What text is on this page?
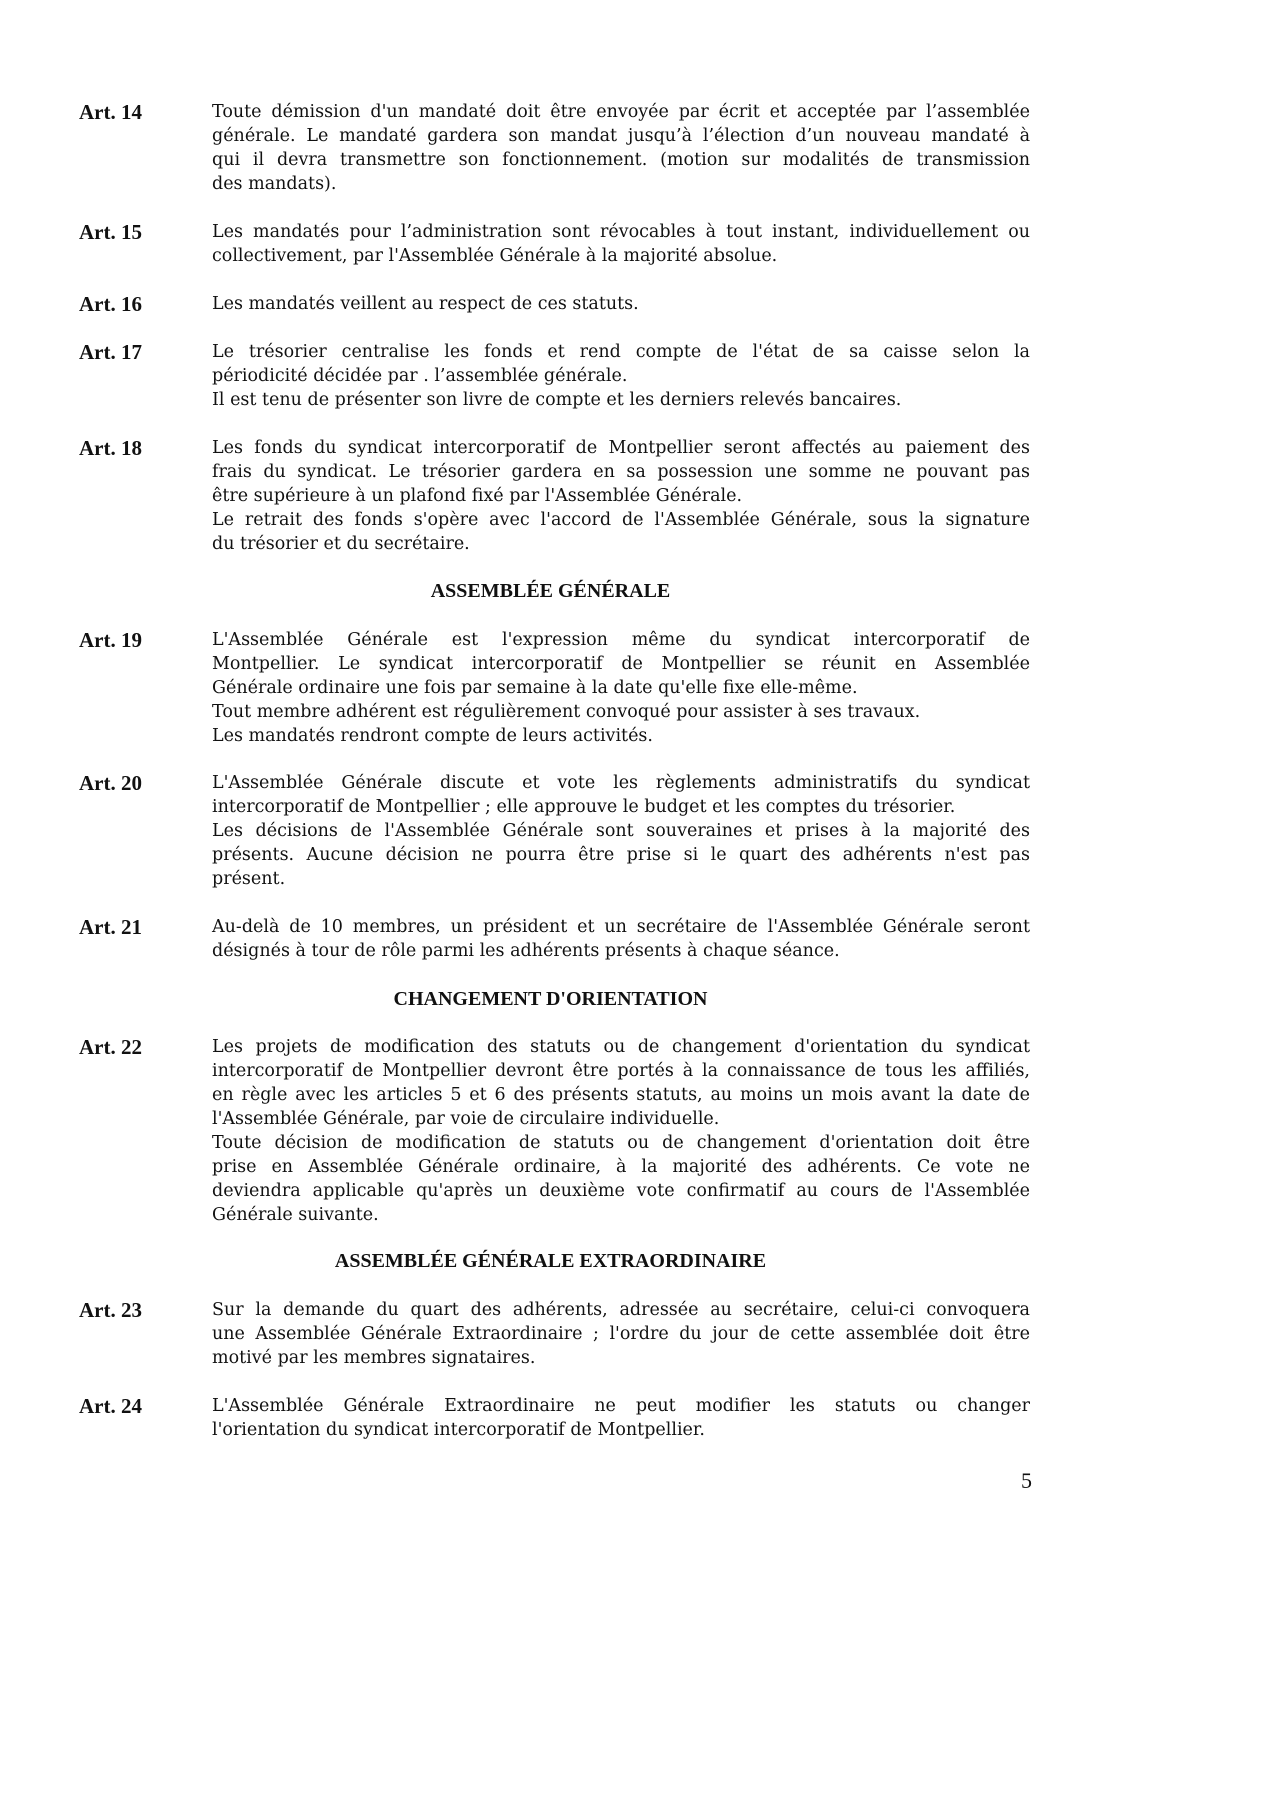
Art. 14	Toute démission d'un mandaté doit être envoyée par écrit et acceptée par l’assemblée
générale. Le mandaté gardera son mandat jusqu’à l’élection d’un nouveau mandaté à
qui il devra transmettre son fonctionnement. (motion sur modalités de transmission
des mandats).
Art. 15	Les mandatés pour l’administration sont révocables à tout instant, individuellement ou
collectivement, par l'Assemblée Générale à la majorité absolue.
Art. 16	Les mandatés veillent au respect de ces statuts.
Art. 17	Le trésorier centralise les fonds et rend compte de l'état de sa caisse selon la
périodicité décidée par . l’assemblée générale.
Il est tenu de présenter son livre de compte et les derniers relevés bancaires.
Art. 18	Les fonds du syndicat intercorporatif de Montpellier seront affectés au paiement des
frais du syndicat. Le trésorier gardera en sa possession une somme ne pouvant pas
être supérieure à un plafond fixé par l'Assemblée Générale.
Le retrait des fonds s'opère avec l'accord de l'Assemblée Générale, sous la signature
du trésorier et du secrétaire.
ASSEMBLÉE GÉNÉRALE
Art. 19	L'Assemblée Générale est l'expression même du syndicat intercorporatif de
Montpellier. Le syndicat intercorporatif de Montpellier se réunit en Assemblée
Générale ordinaire une fois par semaine à la date qu'elle fixe elle-même.
Tout membre adhérent est régulièrement convoqué pour assister à ses travaux.
Les mandatés rendront compte de leurs activités.
Art. 20	L'Assemblée Générale discute et vote les règlements administratifs du syndicat
intercorporatif de Montpellier ; elle approuve le budget et les comptes du trésorier.
Les décisions de l'Assemblée Générale sont souveraines et prises à la majorité des
présents. Aucune décision ne pourra être prise si le quart des adhérents n'est pas
présent.
Art. 21	Au-delà de 10 membres, un président et un secrétaire de l'Assemblée Générale seront
désignés à tour de rôle parmi les adhérents présents à chaque séance.
CHANGEMENT D'ORIENTATION
Art. 22	Les projets de modification des statuts ou de changement d'orientation du syndicat
intercorporatif de Montpellier devront être portés à la connaissance de tous les affiliés,
en règle avec les articles 5 et 6 des présents statuts, au moins un mois avant la date de
l'Assemblée Générale, par voie de circulaire individuelle.
Toute décision de modification de statuts ou de changement d'orientation doit être
prise en Assemblée Générale ordinaire, à la majorité des adhérents. Ce vote ne
deviendra applicable qu'après un deuxième vote confirmatif au cours de l'Assemblée
Générale suivante.
ASSEMBLÉE GÉNÉRALE EXTRAORDINAIRE
Art. 23	Sur la demande du quart des adhérents, adressée au secrétaire, celui-ci convoquera
une Assemblée Générale Extraordinaire ; l'ordre du jour de cette assemblée doit être
motivé par les membres signataires.
Art. 24	L'Assemblée Générale Extraordinaire ne peut modifier les statuts ou changer
l'orientation du syndicat intercorporatif de Montpellier.
5
